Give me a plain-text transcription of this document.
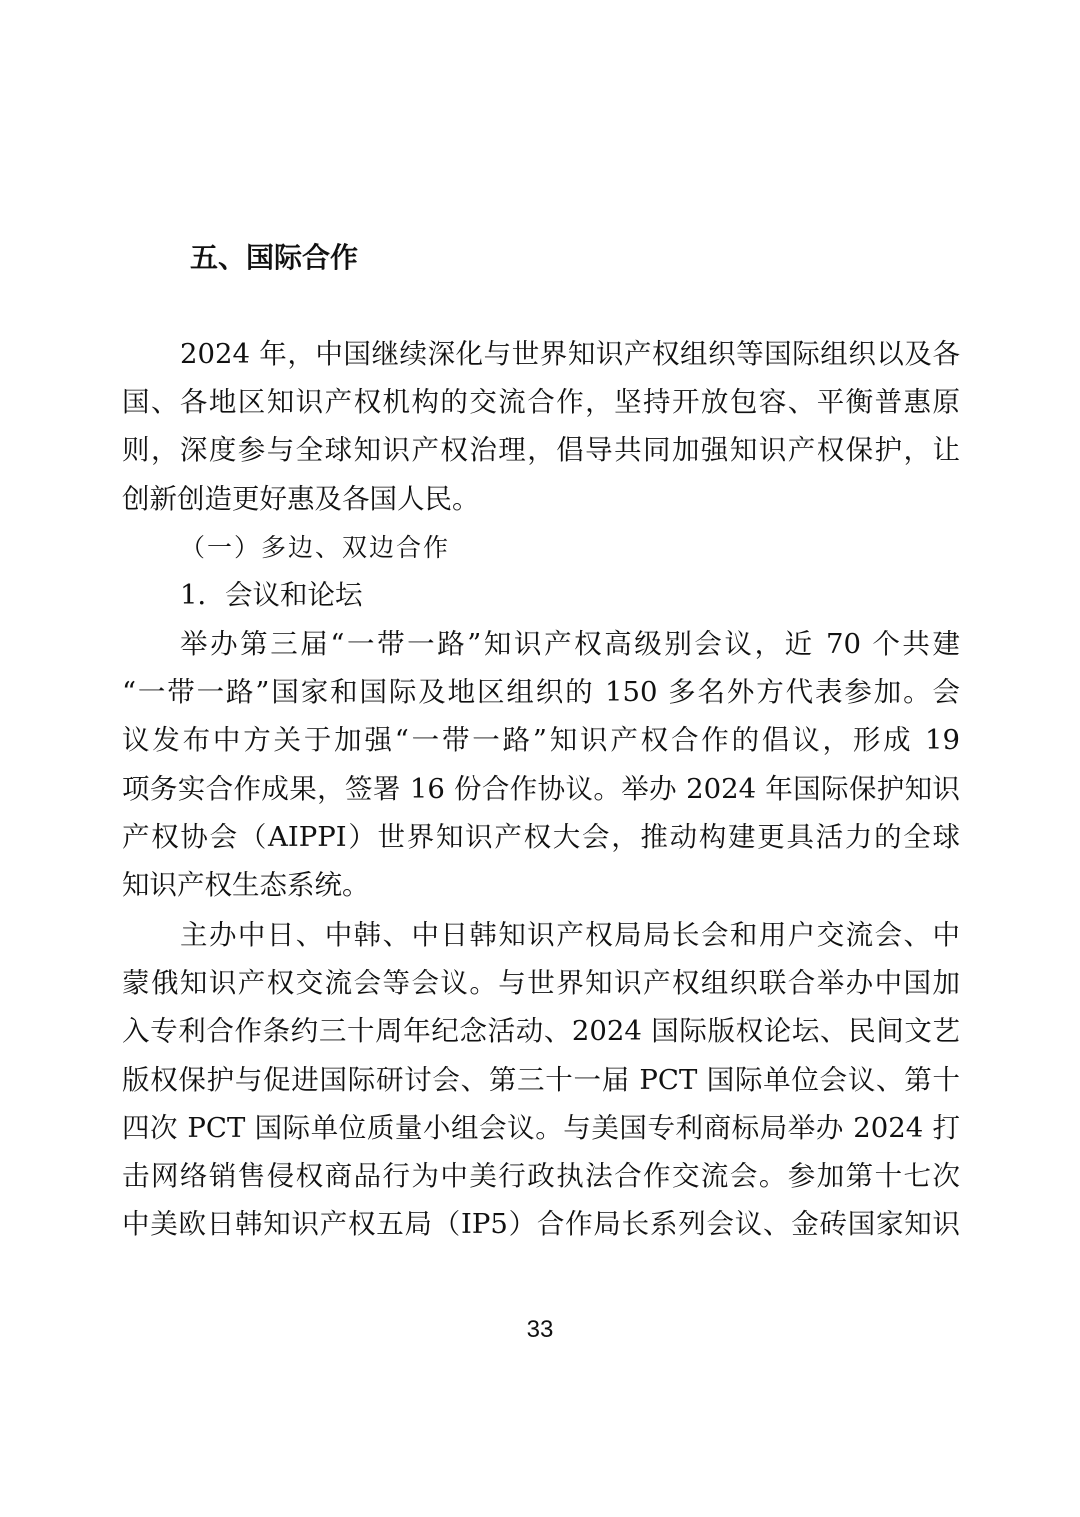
五、国际合作

2024 年，中国继续深化与世界知识产权组织等国际组织以及各

国、各地区知识产权机构的交流合作，坚持开放包容、平衡普惠原

则，深度参与全球知识产权治理，倡导共同加强知识产权保护，让

创新创造更好惠及各国人民。

（一）多边、双边合作

1．会议和论坛

举办第三届“一带一路”知识产权高级别会议，近 70 个共建

“一带一路”国家和国际及地区组织的 150 多名外方代表参加。会

议发布中方关于加强“一带一路”知识产权合作的倡议，形成 19

项务实合作成果，签署 16 份合作协议。举办 2024 年国际保护知识

产权协会（AIPPI）世界知识产权大会，推动构建更具活力的全球

知识产权生态系统。

主办中日、中韩、中日韩知识产权局局长会和用户交流会、中

蒙俄知识产权交流会等会议。与世界知识产权组织联合举办中国加

入专利合作条约三十周年纪念活动、2024 国际版权论坛、民间文艺

版权保护与促进国际研讨会、第三十一届 PCT 国际单位会议、第十

四次 PCT 国际单位质量小组会议。与美国专利商标局举办 2024 打

击网络销售侵权商品行为中美行政执法合作交流会。参加第十七次

中美欧日韩知识产权五局（IP5）合作局长系列会议、金砖国家知识

33
